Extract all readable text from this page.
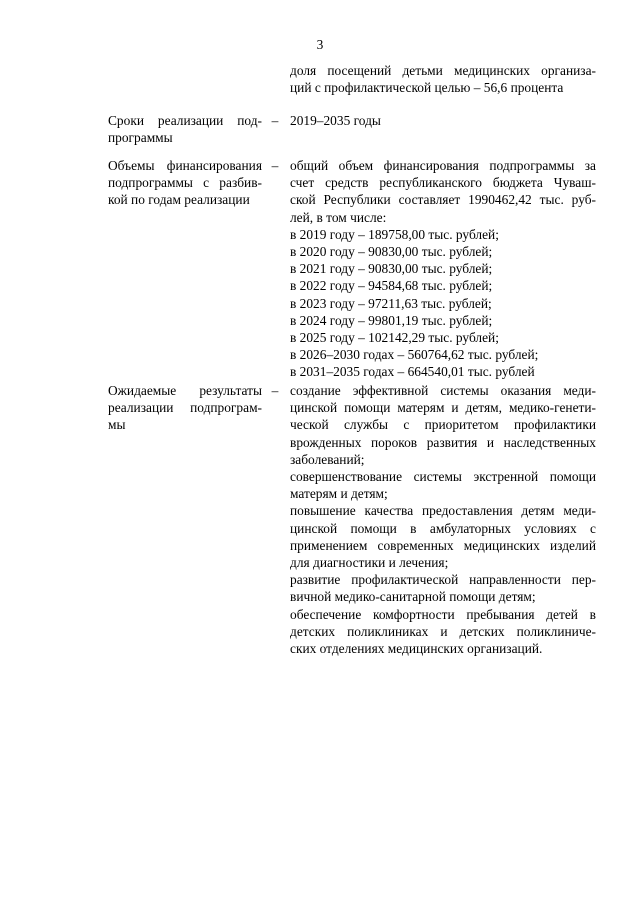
3
доля посещений детьми медицинских организа-
ций с профилактической целью – 56,6 процента
Сроки реализации под-
программы
– 2019–2035 годы
Объемы финансирования
подпрограммы с разбив-
кой по годам реализации
– общий объем финансирования подпрограммы за
счет средств республиканского бюджета Чуваш-
ской Республики составляет 1990462,42 тыс. руб-
лей, в том числе:
в 2019 году – 189758,00 тыс. рублей;
в 2020 году – 90830,00 тыс. рублей;
в 2021 году – 90830,00 тыс. рублей;
в 2022 году – 94584,68 тыс. рублей;
в 2023 году – 97211,63 тыс. рублей;
в 2024 году – 99801,19 тыс. рублей;
в 2025 году – 102142,29 тыс. рублей;
в 2026–2030 годах – 560764,62 тыс. рублей;
в 2031–2035 годах – 664540,01 тыс. рублей
Ожидаемые результаты
реализации подпрограм-
мы
– создание эффективной системы оказания меди-
цинской помощи матерям и детям, медико-генети-
ческой службы с приоритетом профилактики
врожденных пороков развития и наследственных
заболеваний;
совершенствование системы экстренной помощи
матерям и детям;
повышение качества предоставления детям меди-
цинской помощи в амбулаторных условиях с
применением современных медицинских изделий
для диагностики и лечения;
развитие профилактической направленности пер-
вичной медико-санитарной помощи детям;
обеспечение комфортности пребывания детей в
детских поликлиниках и детских поликлиниче-
ских отделениях медицинских организаций.
